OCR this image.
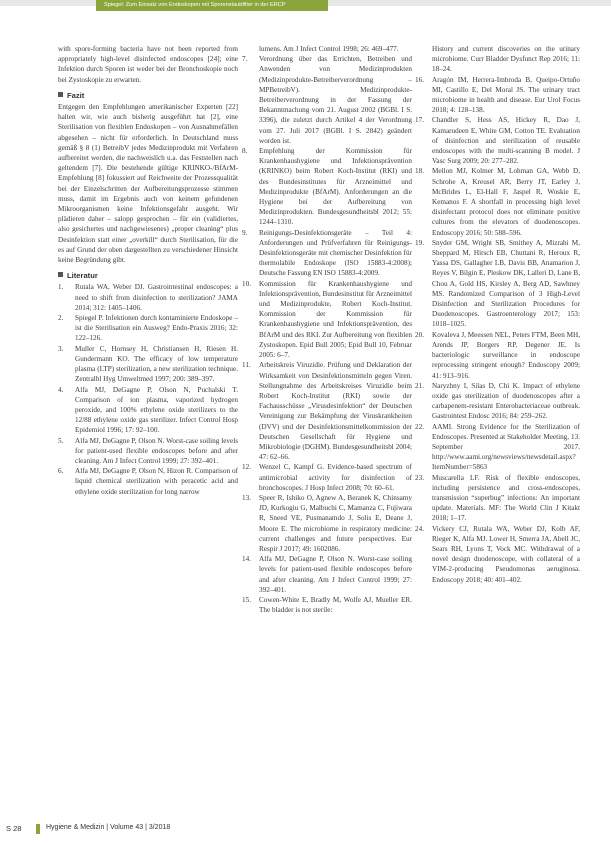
Spiegel: Zum Einsatz von Endoskopen mit Sporenstaubfilter in der ERCP

with spore-forming bacteria have not been reported from appropriately high-level disinfected endoscopes [24]; eine Infektion durch Sporen ist weder bei der Bronchoskopie noch bei Zystoskopie zu erwarten.

Fazit

Entgegen den Empfehlungen amerikanischer Experten [22] halten wir, wie auch bisherig ausgeführt hat [2], eine Sterilisation von flexiblen Endoskopen – von Ausnahmefällen abgesehen – nicht für erforderlich. In Deutschland muss gemäß § 8 (1) BetreibV jedes Medizinprodukt mit Verfahren aufbereitet werden, die nachweislich u.a. das Feststellen nach geltendem [7]. Die bestehende gültige KRINKO-/BfArM-Empfehlung [8] fokussiert auf Reichweite der Prozessqualität bei der Einzelschritten der Aufbereitungsprozesse stimmen muss, damit im Ergebnis auch von keinem gefundenen Mikroorganismen keine Infektionsgefahr ausgeht. Wir plädieren daher – salopp gesprochen – für ein (validiertes, also gesichertes und nachgewiesenes) „proper cleaning“ plus Desinfektion statt einer „overkill“ durch Sterilisation, für die es auf Grund der oben dargestellten zu verschiedener Hinsicht keine Begründung gibt.

Literatur
1.	Rutala WA, Weber DJ. Gastrointestinal endoscopes: a need to shift from disinfection to sterilization? JAMA 2014; 312: 1405–1406.
2.	Spiegel P. Infektionen durch kontaminierte Endoskope – ist die Sterilisation ein Ausweg? Endo-Praxis 2016; 32: 122–126.
3.	Muller C, Hornsey H, Christiansen H, Riesen H. Gundermann KO. The efficacy of low temperature plasma (LTP) sterilization, a new sterilization technique. Zentralbl Hyg Umweltmed 1997; 200: 389–397.
4.	Alfa MJ, DeGagne P, Olson N, Puchalski T. Comparison of ion plasma, vaporized hydrogen peroxide, and 100% ethylene oxide sterilizers to the 12/88 ethylene oxide gas sterilizer. Infect Control Hosp Epidemiol 1996; 17: 92–100.
5.	Alfa MJ, DeGagne P, Olson N. Worst-case soiling levels for patient-used flexible endoscopes before and after cleaning. Am J Infect Control 1999; 27: 392–401.
6.	Alfa MJ, DeGagne P, Olson N, Hizon R. Comparison of liquid chemical sterilization with peracetic acid and ethylene oxide sterilization for long narrow
lumens. Am J Infect Control 1998; 26: 469–477.
7.	Verordnung über das Errichten, Betreiben und Anwenden von Medizinprodukten (Medizinprodukte-Betreiberverordnung – MPBetreibV). Medizinprodukte-Betreiberverordnung in der Fassung der Bekanntmachung vom 21. August 2002 (BGBl. I S. 3396), die zuletzt durch Artikel 4 der Verordnung vom 27. Juli 2017 (BGBl. I S. 2842) geändert worden ist.
8.	Empfehlung der Kommission für Krankenhaushygiene und Infektionsprävention (KRINKO) beim Robert Koch-Institut (RKI) und des Bundesinstitutes für Arzneimittel und Medizinprodukte (BfArM). Anforderungen an die Hygiene bei der Aufbereitung von Medizinprodukten. Bundesgesundheitsbl 2012; 55: 1244–1310.
9.	Reinigungs-Desinfektionsgeräte – Teil 4: Anforderungen und Prüfverfahren für Reinigungs-Desinfektionsgeräte mit chemischer Desinfektion für thermolabile Endoskope (ISO 15883-4:2008); Deutsche Fassung EN ISO 15883-4:2009.
10.	Kommission für Krankenhaushygiene und Infektionsprävention, Bundesinstitut für Arzneimittel und Medizinprodukte, Robert Koch-Institut. Kommission der Kommission für Krankenhaushygiene und Infektionsprävention, des BfArM und des RKI. Zur Aufbereitung von flexiblen Zystoskopen. Epid Bull 2005; Epid Bull 10, Februar 2005: 6–7.
11.	Arbeitskreis Viruzidie. Prüfung und Deklaration der Wirksamkeit von Desinfektionsmitteln gegen Viren. Stellungnahme des Arbeitskreises Viruzidie beim Robert Koch-Institut (RKI) sowie der Fachausschüsse „Virusdesinfektion“ der Deutschen Vereinigung zur Bekämpfung der Viruskrankheiten (DVV) und der Desinfektionsmittelkommission der Deutschen Gesellschaft für Hygiene und Mikrobiologie (DGHM). Bundesgesundheitsbl 2004; 47: 62–66.
12.	Wenzel C, Kampf G. Evidence-based spectrum of antimicrobial activity for disinfection of bronchoscopes. J Hosp Infect 2008; 70: 60–61.
13.	Speer R, Ishiko O, Agnew A, Beranek K, Chinsamy JD, Kurkogiu G, Malbuchi C, Mamanza C, Fujiwara R, Sneed VE, Pusmanamdo J, Solis E, Deane J, Moore E. The microbiome in respiratory medicine: current challenges and future perspectives. Eur Respir J 2017; 49: 1602086.
14.	Alfa MJ, DeGagne P, Olson N. Worst-case soiling levels for patient-used flexible endoscopes before and after cleaning. Am J Infect Control 1999; 27: 392–401.
15.	Cowen-White E, Bradly M, Wolfe AJ, Mueller ER. The bladder is not sterile:
History and current discoveries on the urinary microbiome. Curr Bladder Dysfunct Rep 2016; 11: 18–24.
16.	Aragón IM, Herrera-Imbroda B, Queipo-Ortuño MI, Castillo E, Del Moral JS. The urinary tract microbiome in health and disease. Eur Urol Focus 2018; 4: 128–138.
17.	Chandler S, Hess AS, Hickey R, Dao J, Kamarudeen E, White GM, Cotton TE. Evaluation of disinfection and sterilization of reusable endoscopes with the multi-scanning B model. J Vasc Surg 2009; 20: 277–282.
18.	Mellon MJ, Kolmer M, Lohman GA, Webb D, Schrohe A, Kreusel AR, Berry JT, Earley J, McBrides L, El-Hall F, Jaspel R, Woskie E, Kemanos F. A shortfall in processing high level disinfectant protocol does not eliminate positive cultures from the elevators of duodenoscopes. Endoscopy 2016; 50: 588–596.
19.	Snyder GM, Wright SB, Smithey A, Mizrahi M, Sheppard M, Hirsch EB, Chuttani R, Heroux R, Yassa DS, Gallagher LB, Davis BB, Anamarion J, Reyes V, Bilgin E, Pleskow DK, Lalleri D, Lane B, Chou A, Gold HS, Kirsley A, Berg AD, Sawhney MS. Randomized Comparison of 3 High-Level Disinfection and Sterilization Procedures for Duodenoscopes. Gastroenterology 2017; 153: 1018–1025.
20.	Kovaleva J, Meessen NEL, Peters FTM, Been MH, Arends JP, Borgers RP, Degener JE. Is bacteriologic surveillance in endoscope reprocessing stringent enough? Endoscopy 2009; 41: 913–916.
21.	Naryzhny I, Silas D, Chi K. Impact of ethylene oxide gas sterilization of duodenoscopes after a carbapenem-resistant Enterobacteriaceae outbreak. Gastrointest Endosc 2016; 84: 259–262.
22.	AAMI. Strong Evidence for the Sterilization of Endoscopes. Presented at Stakeholder Meeting, 13. September 2017. http://www.aami.org/newsviews/newsdetail.aspx?ItemNumber=5863
23.	Muscarella LF. Risk of flexible endoscopes, including persistence and cross-endoscopes, transmission “superbug” infections: An important update. Materials. MF: The World Clin J Kitakt 2018; 1–17.
24.	Vickery CJ, Rutala WA, Weber DJ, Kolb AF, Rieger K, Alfa MJ. Lower H, Smerra JA, Abell JC, Sears RH, Lyons T, Vock MC. Withdrawal of a novel design duodenoscope, with collateral of a VIM-2-producing Pseudomonas aeruginosa. Endoscopy 2018; 40: 401–402.
S 28	Hygiene & Medizin | Volume 43 | 3/2018
